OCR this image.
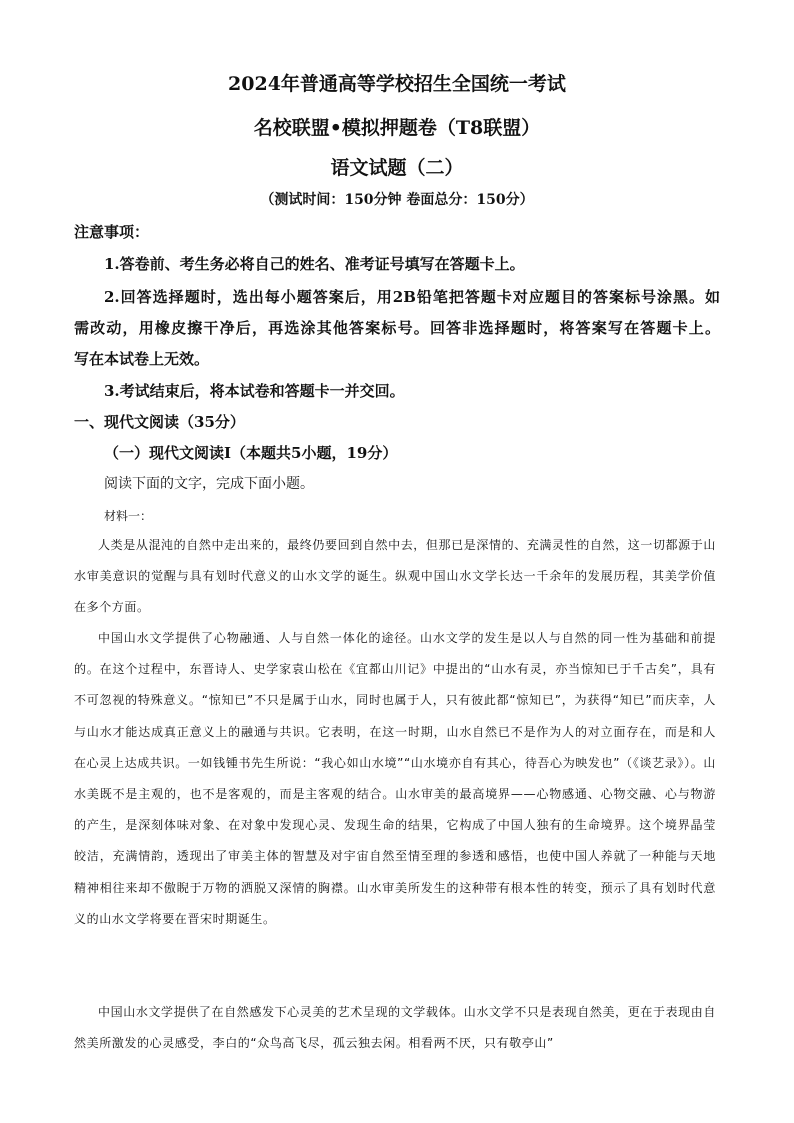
2024年普通高等学校招生全国统一考试
名校联盟•模拟押题卷（T8联盟）
语文试题（二）
（测试时间：150分钟 卷面总分：150分）
注意事项：
1.答卷前、考生务必将自己的姓名、准考证号填写在答题卡上。
2.回答选择题时，选出每小题答案后，用2B铅笔把答题卡对应题目的答案标号涂黑。如
需改动，用橡皮擦干净后，再选涂其他答案标号。回答非选择题时，将答案写在答题卡上。
写在本试卷上无效。
3.考试结束后，将本试卷和答题卡一并交回。
一、现代文阅读（35分）
（一）现代文阅读Ⅰ（本题共5小题，19分）
阅读下面的文字，完成下面小题。
材料一：
人类是从混沌的自然中走出来的，最终仍要回到自然中去，但那已是深情的、充满灵性的自然，这一切都源于山水审美意识的觉醒与具有划时代意义的山水文学的诞生。纵观中国山水文学长达一千余年的发展历程，其美学价值在多个方面。
中国山水文学提供了心物融通、人与自然一体化的途径。山水文学的发生是以人与自然的同一性为基础和前提的。在这个过程中，东晋诗人、史学家袁山松在《宜都山川记》中提出的“山水有灵，亦当惊知已于千古矣”，具有不可忽视的特殊意义。“惊知已”不只是属于山水，同时也属于人，只有彼此都“惊知已”，为获得“知已”而庆幸，人与山水才能达成真正意义上的融通与共识。它表明，在这一时期，山水自然已不是作为人的对立面存在，而是和人在心灵上达成共识。一如钱锺书先生所说：“我心如山水境”“山水境亦自有其心，待吾心为映发也”（《谈艺录》）。山水美既不是主观的，也不是客观的，而是主客观的结合。山水审美的最高境界——心物感通、心物交融、心与物游的产生，是深刻体味对象、在对象中发现心灵、发现生命的结果，它构成了中国人独有的生命境界。这个境界晶莹皎洁，充满情韵，透现出了审美主体的智慧及对宇宙自然至情至理的参透和感悟，也使中国人养就了一种能与天地精神相往来却不傲睨于万物的洒脱又深情的胸襟。山水审美所发生的这种带有根本性的转变，预示了具有划时代意义的山水文学将要在晋宋时期诞生。
中国山水文学提供了在自然感发下心灵美的艺术呈现的文学载体。山水文学不只是表现自然美，更在于表现由自然美所激发的心灵感受，李白的“众鸟高飞尽，孤云独去闲。相看两不厌，只有敬亭山”
